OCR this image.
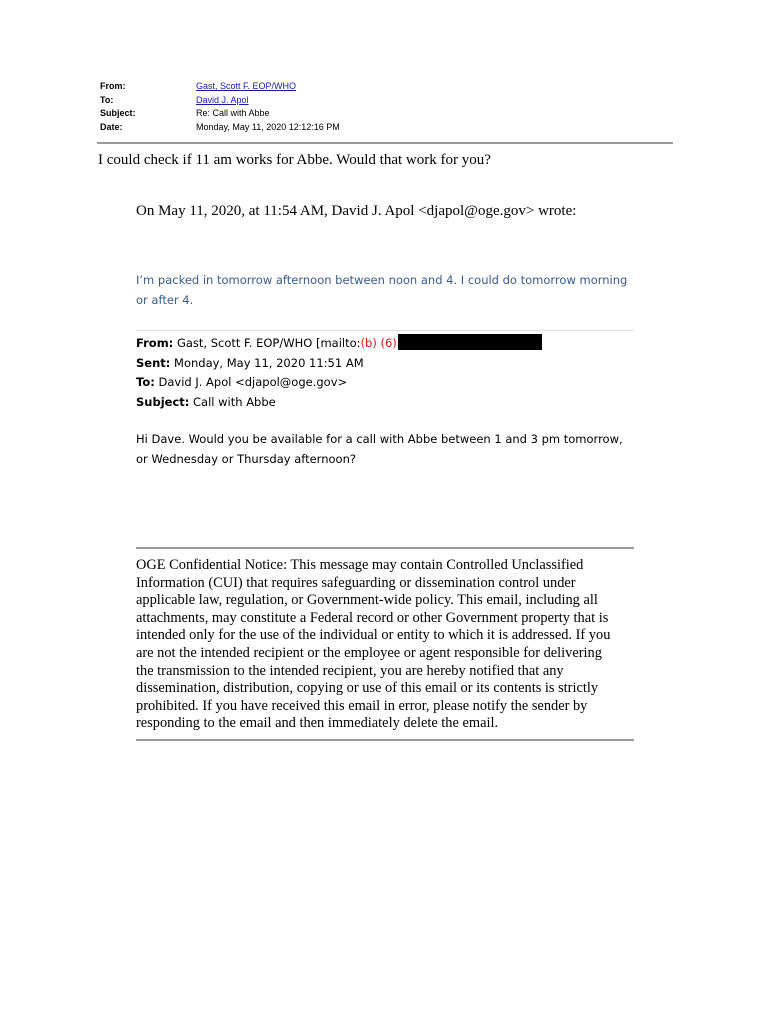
From:	Gast, Scott F. EOP/WHO
To:	David J. Apol
Subject:	Re: Call with Abbe
Date:	Monday, May 11, 2020 12:12:16 PM
I could check if 11 am works for Abbe. Would that work for you?
On May 11, 2020, at 11:54 AM, David J. Apol <djapol@oge.gov> wrote:
I’m packed in tomorrow afternoon between noon and 4. I could do tomorrow morning or after 4.
From: Gast, Scott F. EOP/WHO [mailto:(b) (6)
Sent: Monday, May 11, 2020 11:51 AM
To: David J. Apol <djapol@oge.gov>
Subject: Call with Abbe
Hi Dave. Would you be available for a call with Abbe between 1 and 3 pm tomorrow, or Wednesday or Thursday afternoon?
OGE Confidential Notice: This message may contain Controlled Unclassified
Information (CUI) that requires safeguarding or dissemination control under
applicable law, regulation, or Government-wide policy. This email, including all
attachments, may constitute a Federal record or other Government property that is
intended only for the use of the individual or entity to which it is addressed. If you
are not the intended recipient or the employee or agent responsible for delivering
the transmission to the intended recipient, you are hereby notified that any
dissemination, distribution, copying or use of this email or its contents is strictly
prohibited. If you have received this email in error, please notify the sender by
responding to the email and then immediately delete the email.
